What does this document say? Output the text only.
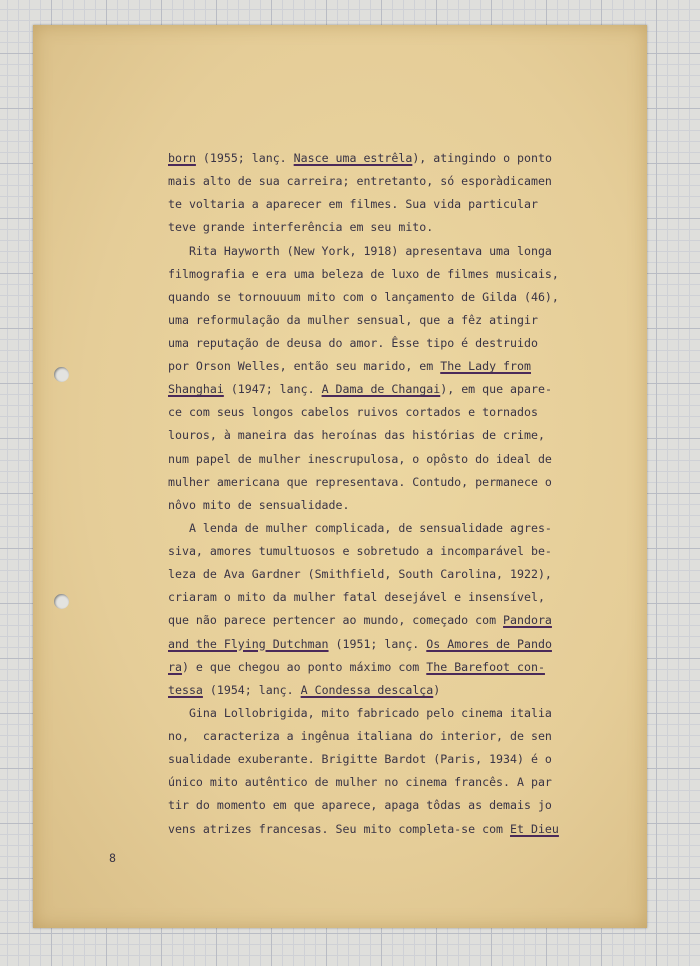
born (1955; lanç. Nasce uma estrêla), atingindo o ponto
mais alto de sua carreira; entretanto, só esporàdicamen
te voltaria a aparecer em filmes. Sua vida particular
teve grande interferência em seu mito.
Rita Hayworth (New York, 1918) apresentava uma longa
filmografia e era uma beleza de luxo de filmes musicais,
quando se tornouuum mito com o lançamento de Gilda (46),
uma reformulação da mulher sensual, que a fêz atingir
uma reputação de deusa do amor. Êsse tipo é destruido
por Orson Welles, então seu marido, em The Lady from
Shanghai (1947; lanç. A Dama de Changai), em que apare-
ce com seus longos cabelos ruivos cortados e tornados
louros, à maneira das heroínas das histórias de crime,
num papel de mulher inescrupulosa, o opôsto do ideal de
mulher americana que representava. Contudo, permanece o
nôvo mito de sensualidade.
A lenda de mulher complicada, de sensualidade agres-
siva, amores tumultuosos e sobretudo a incomparável be-
leza de Ava Gardner (Smithfield, South Carolina, 1922),
criaram o mito da mulher fatal desejável e insensível,
que não parece pertencer ao mundo, começado com Pandora
and the Flying Dutchman (1951; lanç. Os Amores de Pando
ra) e que chegou ao ponto máximo com The Barefoot con-
tessa (1954; lanç. A Condessa descalça)
Gina Lollobrigida, mito fabricado pelo cinema italia
no,  caracteriza a ingênua italiana do interior, de sen
sualidade exuberante. Brigitte Bardot (Paris, 1934) é o
único mito autêntico de mulher no cinema francês. A par
tir do momento em que aparece, apaga tôdas as demais jo
vens atrizes francesas. Seu mito completa-se com Et Dieu
8
